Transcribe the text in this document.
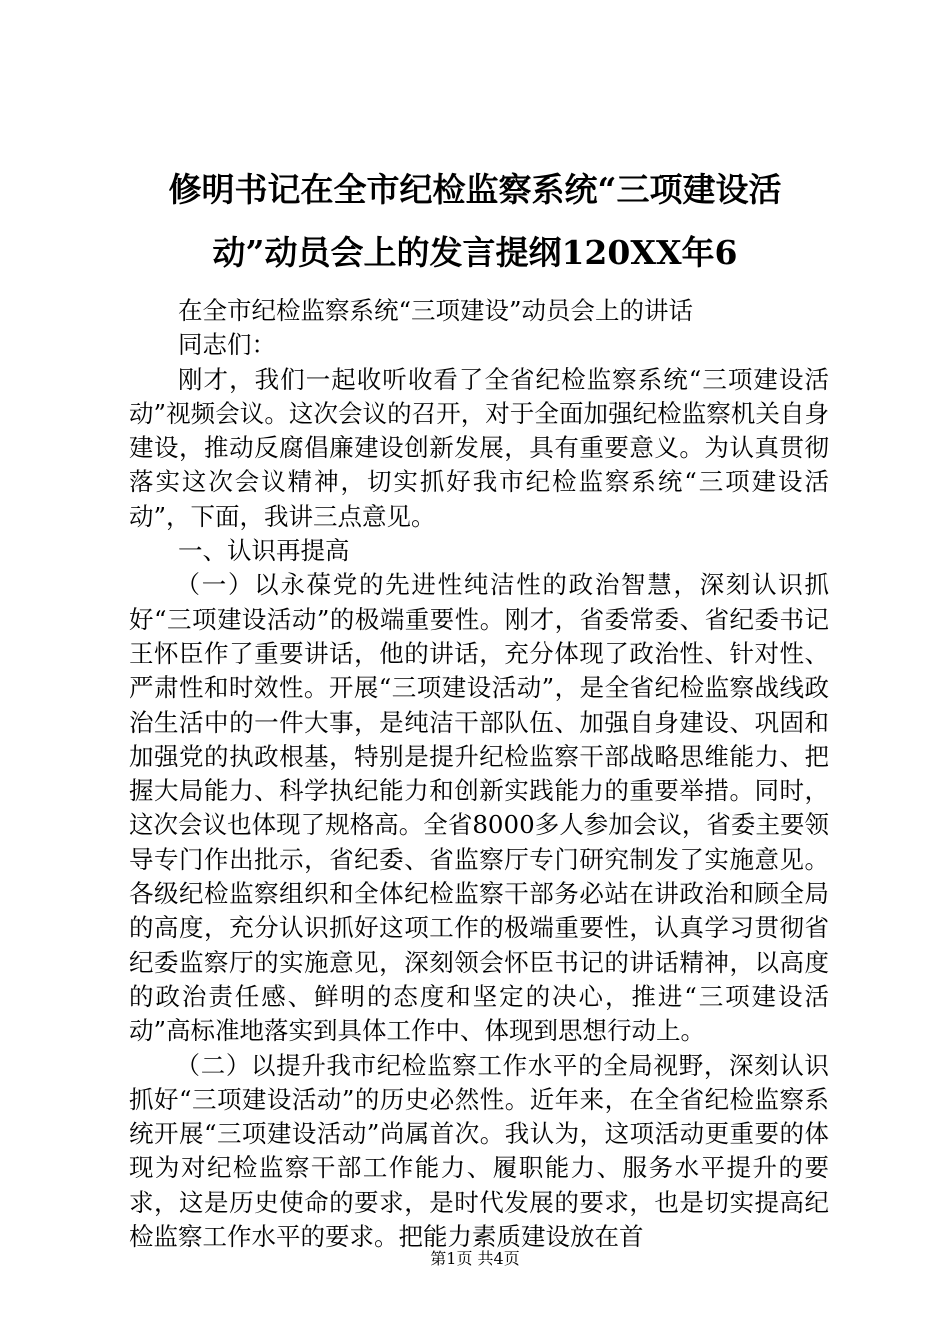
修明书记在全市纪检监察系统“三项建设活
动”动员会上的发言提纲120XX年6

在全市纪检监察系统“三项建设”动员会上的讲话

同志们：

刚才，我们一起收听收看了全省纪检监察系统“三项建设活动”视频会议。这次会议的召开，对于全面加强纪检监察机关自身建设，推动反腐倡廉建设创新发展，具有重要意义。为认真贯彻落实这次会议精神，切实抓好我市纪检监察系统“三项建设活动”，下面，我讲三点意见。

一、认识再提高

（一）以永葆党的先进性纯洁性的政治智慧，深刻认识抓好“三项建设活动”的极端重要性。刚才，省委常委、省纪委书记王怀臣作了重要讲话，他的讲话，充分体现了政治性、针对性、严肃性和时效性。开展“三项建设活动”，是全省纪检监察战线政治生活中的一件大事，是纯洁干部队伍、加强自身建设、巩固和加强党的执政根基，特别是提升纪检监察干部战略思维能力、把握大局能力、科学执纪能力和创新实践能力的重要举措。同时，这次会议也体现了规格高。全省8000多人参加会议，省委主要领导专门作出批示，省纪委、省监察厅专门研究制发了实施意见。各级纪检监察组织和全体纪检监察干部务必站在讲政治和顾全局的高度，充分认识抓好这项工作的极端重要性，认真学习贯彻省纪委监察厅的实施意见，深刻领会怀臣书记的讲话精神，以高度的政治责任感、鲜明的态度和坚定的决心，推进“三项建设活动”高标准地落实到具体工作中、体现到思想行动上。

（二）以提升我市纪检监察工作水平的全局视野，深刻认识抓好“三项建设活动”的历史必然性。近年来，在全省纪检监察系统开展“三项建设活动”尚属首次。我认为，这项活动更重要的体现为对纪检监察干部工作能力、履职能力、服务水平提升的要求，这是历史使命的要求，是时代发展的要求，也是切实提高纪检监察工作水平的要求。把能力素质建设放在首

第1页 共4页
